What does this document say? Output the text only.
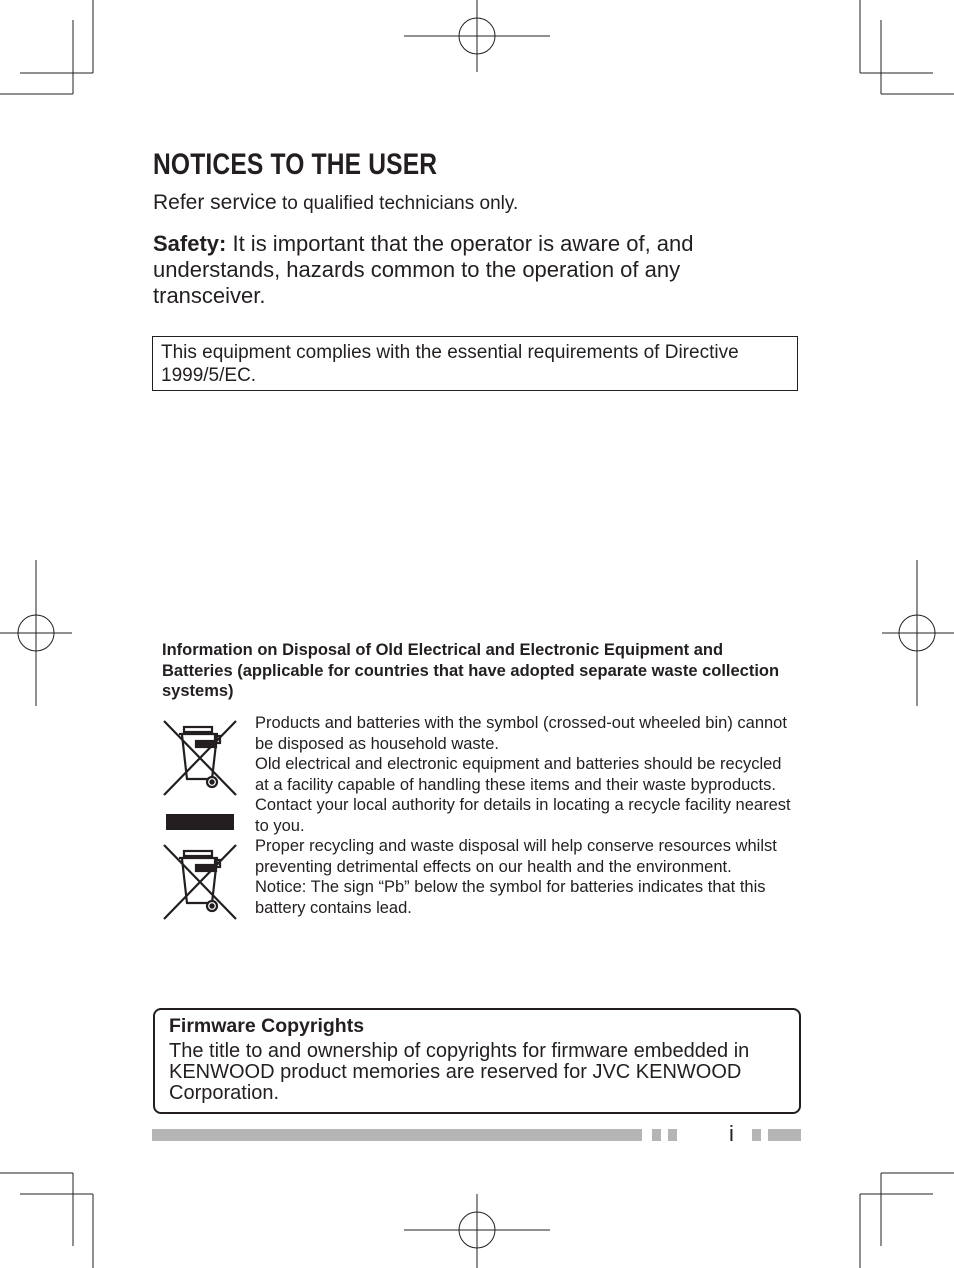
NOTICES TO THE USER
Refer service to qualified technicians only.
Safety: It is important that the operator is aware of, and understands, hazards common to the operation of any transceiver.
This equipment complies with the essential requirements of Directive 1999/5/EC.
Information on Disposal of Old Electrical and Electronic Equipment and Batteries (applicable for countries that have adopted separate waste collection systems)

Products and batteries with the symbol (crossed-out wheeled bin) cannot be disposed as household waste.

Old electrical and electronic equipment and batteries should be recycled at a facility capable of handling these items and their waste byproducts.

Contact your local authority for details in locating a recycle facility nearest to you.

Proper recycling and waste disposal will help conserve resources whilst preventing detrimental effects on our health and the environment.

Notice: The sign “Pb” below the symbol for batteries indicates that this battery contains lead.

Firmware Copyrights
The title to and ownership of copyrights for firmware embedded in KENWOOD product memories are reserved for JVC KENWOOD Corporation.
i
